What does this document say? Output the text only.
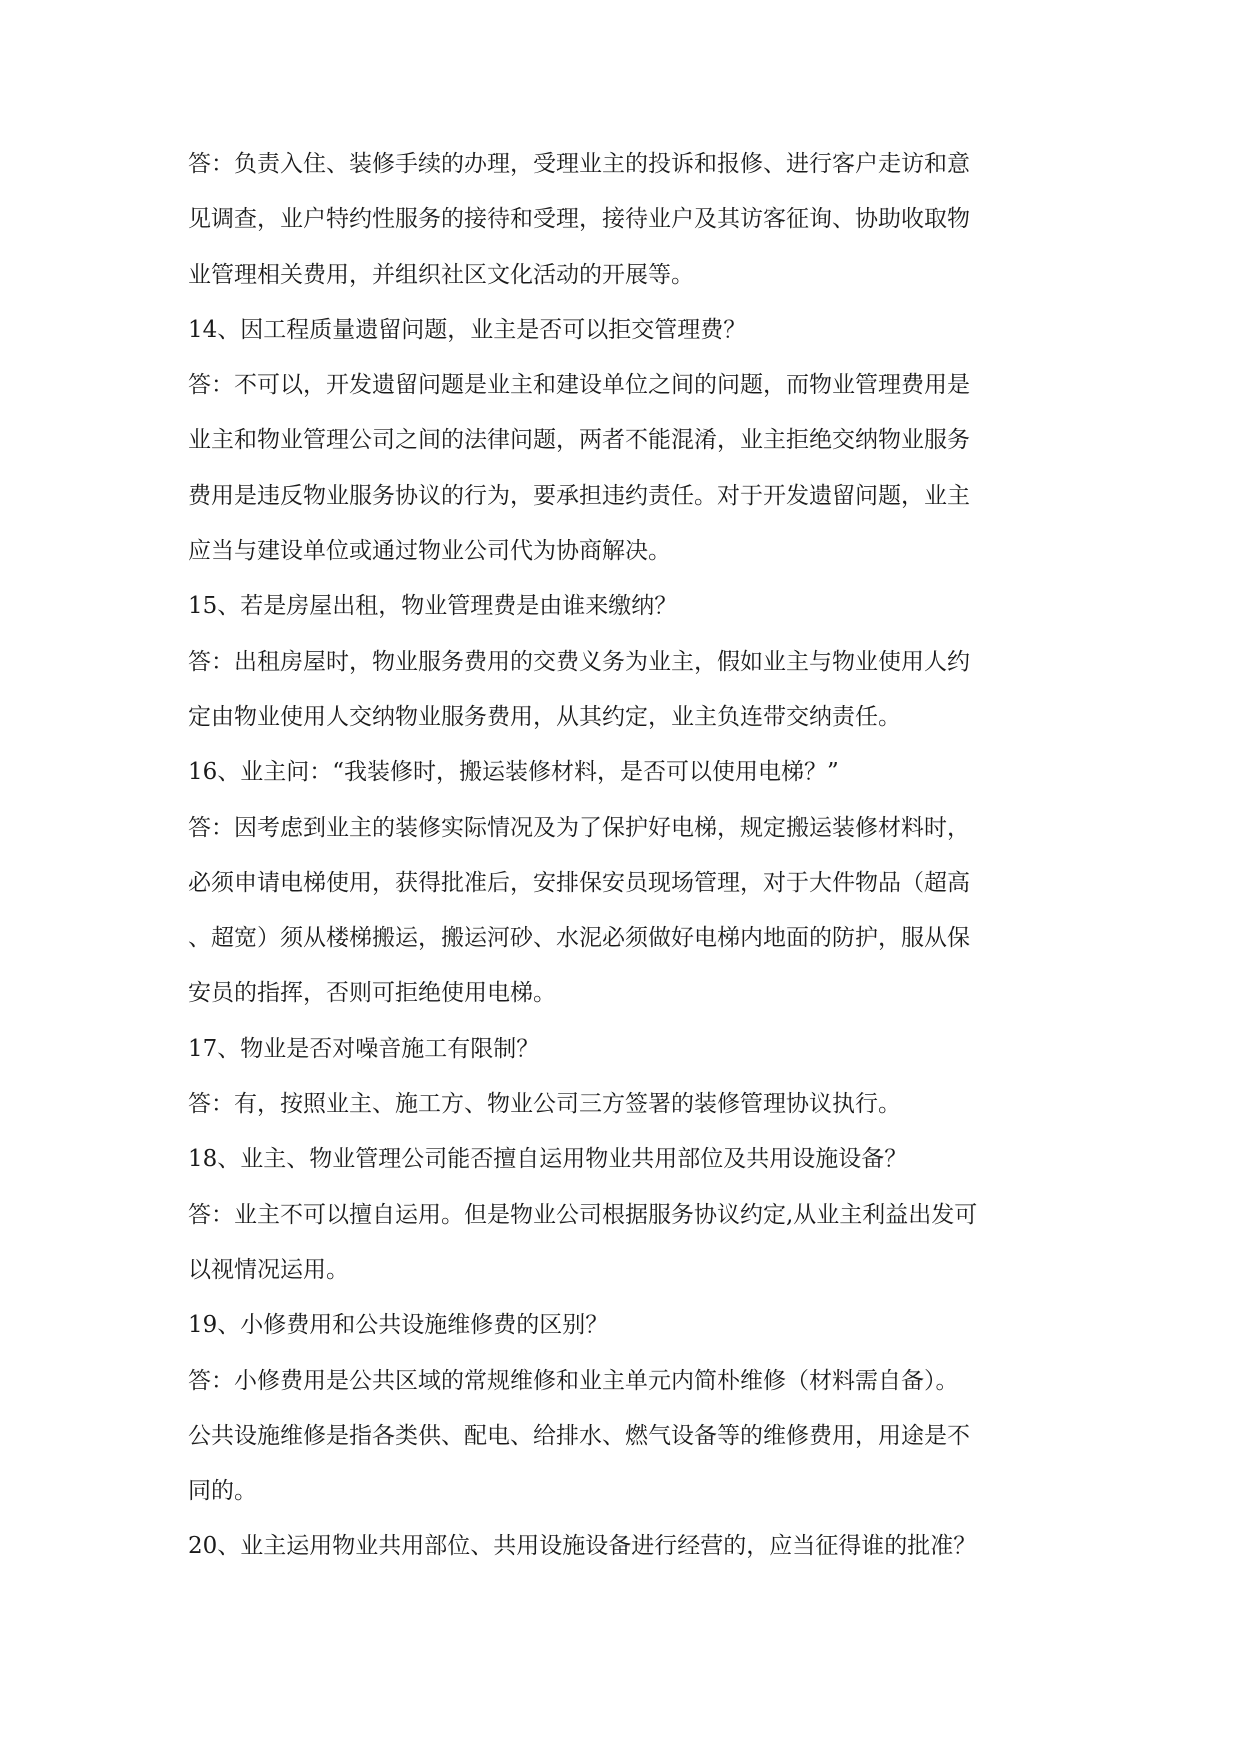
答：负责入住、装修手续的办理，受理业主的投诉和报修、进行客户走访和意
见调查，业户特约性服务的接待和受理，接待业户及其访客征询、协助收取物
业管理相关费用，并组织社区文化活动的开展等。
14、因工程质量遗留问题，业主是否可以拒交管理费？
答：不可以，开发遗留问题是业主和建设单位之间的问题，而物业管理费用是
业主和物业管理公司之间的法律问题，两者不能混淆，业主拒绝交纳物业服务
费用是违反物业服务协议的行为，要承担违约责任。对于开发遗留问题，业主
应当与建设单位或通过物业公司代为协商解决。
15、若是房屋出租，物业管理费是由谁来缴纳？
答：出租房屋时，物业服务费用的交费义务为业主，假如业主与物业使用人约
定由物业使用人交纳物业服务费用，从其约定，业主负连带交纳责任。
16、业主问：“我装修时，搬运装修材料，是否可以使用电梯？”
答：因考虑到业主的装修实际情况及为了保护好电梯，规定搬运装修材料时，
必须申请电梯使用，获得批准后，安排保安员现场管理，对于大件物品（超高
、超宽）须从楼梯搬运，搬运河砂、水泥必须做好电梯内地面的防护，服从保
安员的指挥，否则可拒绝使用电梯。
17、物业是否对噪音施工有限制？
答：有，按照业主、施工方、物业公司三方签署的装修管理协议执行。
18、业主、物业管理公司能否擅自运用物业共用部位及共用设施设备？
答：业主不可以擅自运用。但是物业公司根据服务协议约定,从业主利益出发可
以视情况运用。
19、小修费用和公共设施维修费的区别？
答：小修费用是公共区域的常规维修和业主单元内简朴维修（材料需自备）。
公共设施维修是指各类供、配电、给排水、燃气设备等的维修费用，用途是不
同的。
20、业主运用物业共用部位、共用设施设备进行经营的，应当征得谁的批准？
